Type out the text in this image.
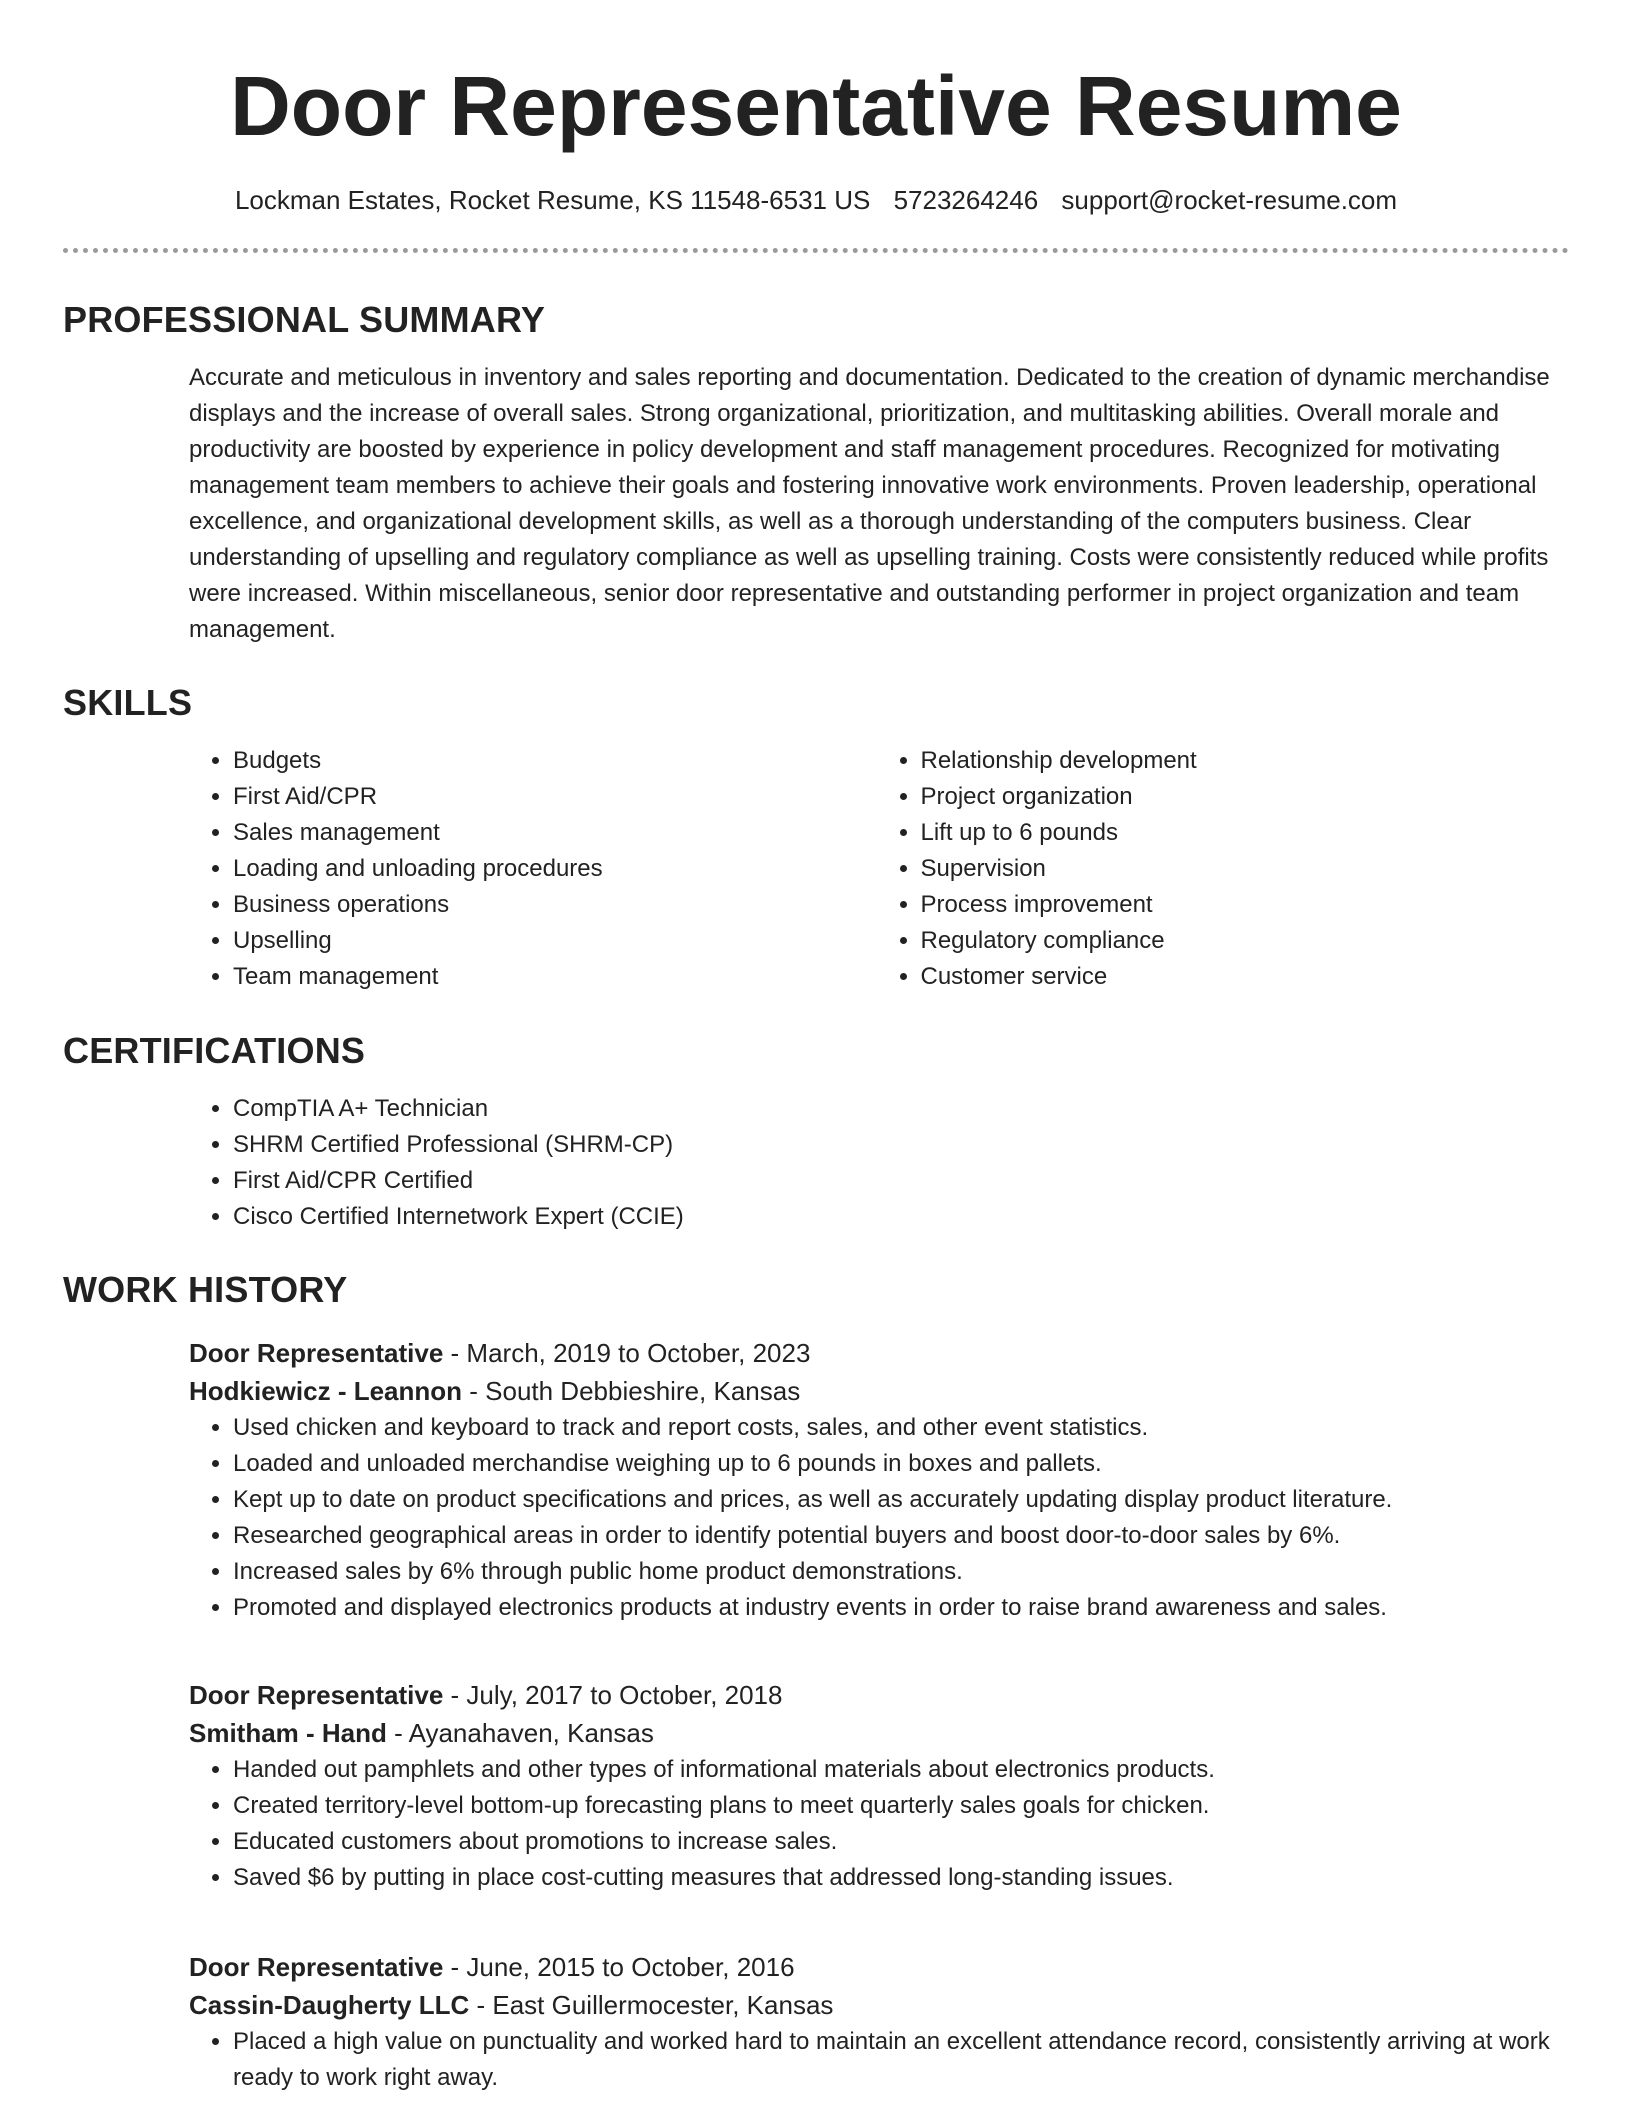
Door Representative Resume
Lockman Estates, Rocket Resume, KS 11548-6531 US 5723264246 support@rocket-resume.com
PROFESSIONAL SUMMARY

Accurate and meticulous in inventory and sales reporting and documentation. Dedicated to the creation of dynamic merchandise displays and the increase of overall sales. Strong organizational, prioritization, and multitasking abilities. Overall morale and productivity are boosted by experience in policy development and staff management procedures. Recognized for motivating management team members to achieve their goals and fostering innovative work environments. Proven leadership, operational excellence, and organizational development skills, as well as a thorough understanding of the computers business. Clear understanding of upselling and regulatory compliance as well as upselling training. Costs were consistently reduced while profits were increased. Within miscellaneous, senior door representative and outstanding performer in project organization and team management.

SKILLS
• Budgets
• First Aid/CPR
• Sales management
• Loading and unloading procedures
• Business operations
• Upselling
• Team management
• Relationship development
• Project organization
• Lift up to 6 pounds
• Supervision
• Process improvement
• Regulatory compliance
• Customer service
CERTIFICATIONS
• CompTIA A+ Technician
• SHRM Certified Professional (SHRM-CP)
• First Aid/CPR Certified
• Cisco Certified Internetwork Expert (CCIE)
WORK HISTORY
Door Representative - March, 2019 to October, 2023
Hodkiewicz - Leannon - South Debbieshire, Kansas
• Used chicken and keyboard to track and report costs, sales, and other event statistics.
• Loaded and unloaded merchandise weighing up to 6 pounds in boxes and pallets.
• Kept up to date on product specifications and prices, as well as accurately updating display product literature.
• Researched geographical areas in order to identify potential buyers and boost door-to-door sales by 6%.
• Increased sales by 6% through public home product demonstrations.
• Promoted and displayed electronics products at industry events in order to raise brand awareness and sales.
Door Representative - July, 2017 to October, 2018
Smitham - Hand - Ayanahaven, Kansas
• Handed out pamphlets and other types of informational materials about electronics products.
• Created territory-level bottom-up forecasting plans to meet quarterly sales goals for chicken.
• Educated customers about promotions to increase sales.
• Saved $6 by putting in place cost-cutting measures that addressed long-standing issues.
Door Representative - June, 2015 to October, 2016
Cassin-Daugherty LLC - East Guillermocester, Kansas
• Placed a high value on punctuality and worked hard to maintain an excellent attendance record, consistently arriving at work ready to work right away.
